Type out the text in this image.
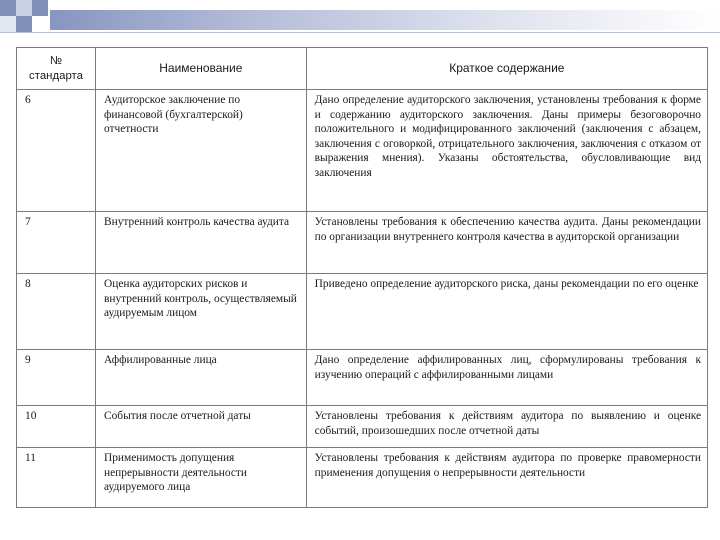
№
стандарта	Наименование	Краткое содержание
6	Аудиторское заключение по финансовой (бухгалтерской) отчетности	Дано определение аудиторского заключения, установлены требования к форме и содержанию аудиторского заключения. Даны примеры безоговорочно положительного и модифицированного заключений (заключения с абзацем, заключения с оговоркой, отрицательного заключения, заключения с отказом от выражения мнения). Указаны обстоятельства, обусловливающие вид заключения
7	Внутренний контроль качества аудита	Установлены требования к обеспечению качества аудита. Даны рекомендации по организации внутреннего контроля качества в аудиторской организации
8	Оценка аудиторских рисков и внутренний контроль, осуществляемый аудируемым лицом	Приведено определение аудиторского риска, даны рекомендации по его оценке
9	Аффилированные лица	Дано определение аффилированных лиц, сформулированы требования к изучению операций с аффилированными лицами
10	События после отчетной даты	Установлены требования к действиям аудитора по выявлению и оценке событий, произошедших после отчетной даты
11	Применимость допущения непрерывности деятельности аудируемого лица	Установлены требования к действиям аудитора по проверке правомерности применения допущения о непрерывности деятельности
